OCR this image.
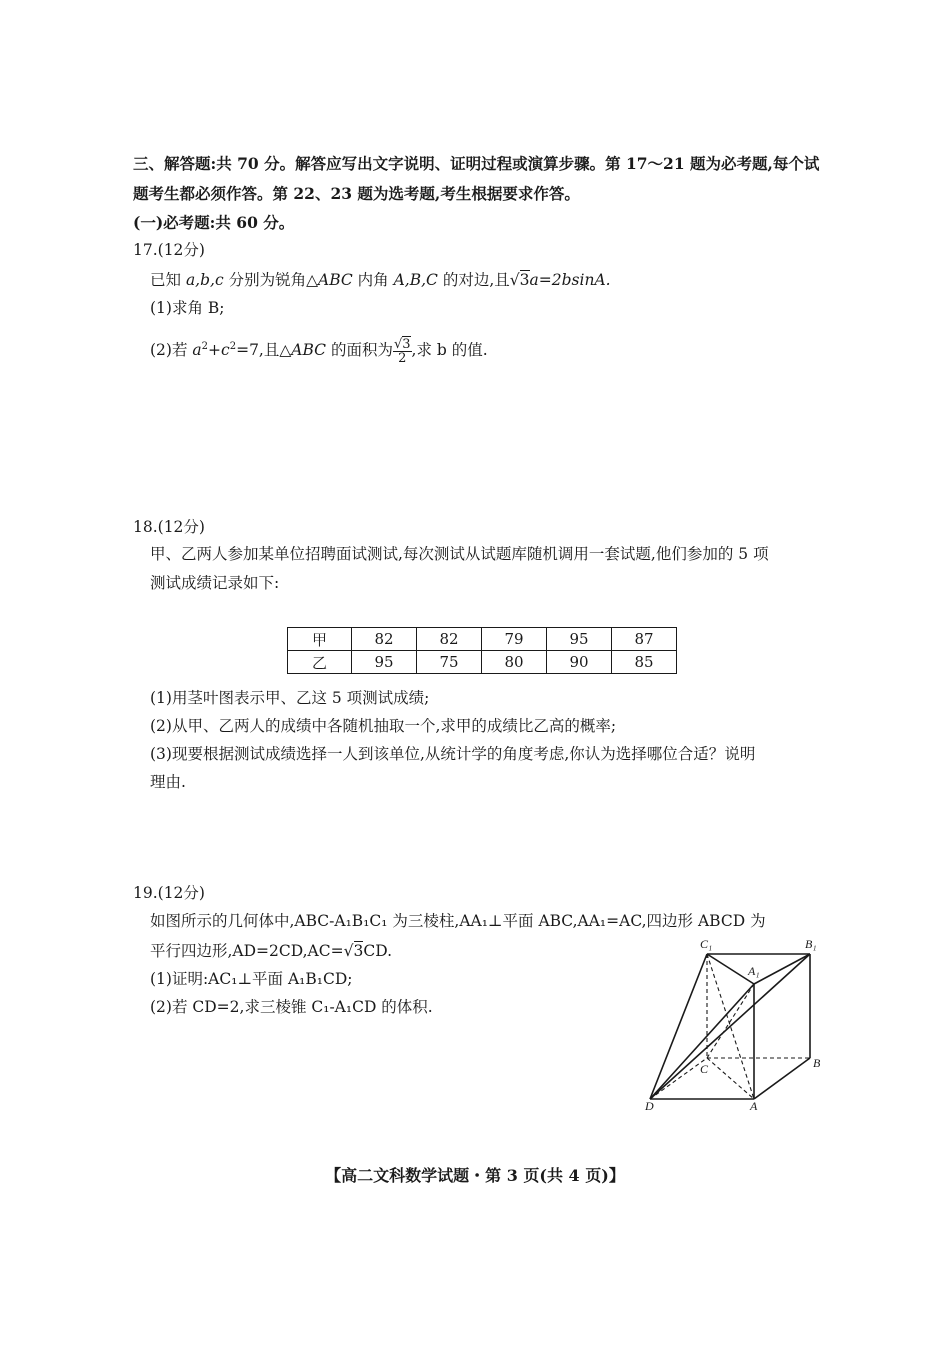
三、解答题:共 70 分。解答应写出文字说明、证明过程或演算步骤。第 17～21 题为必考题,每个试
题考生都必须作答。第 22、23 题为选考题,考生根据要求作答。
(一)必考题:共 60 分。
17.(12分)
已知 a,b,c 分别为锐角△ABC 内角 A,B,C 的对边,且√3a=2bsinA.
(1)求角 B;
(2)若 $a^2+c^2=7$,且△ABC 的面积为 $\frac{√3}{2}$ ,求 b 的值.
18.(12分)
甲、乙两人参加某单位招聘面试测试,每次测试从试题库随机调用一套试题,他们参加的 5 项
测试成绩记录如下:
甲	82	82	79	95	87
乙	95	75	80	90	85
(1)用茎叶图表示甲、乙这 5 项测试成绩;
(2)从甲、乙两人的成绩中各随机抽取一个,求甲的成绩比乙高的概率;
(3)现要根据测试成绩选择一人到该单位,从统计学的角度考虑,你认为选择哪位合适？说明
理由.
19.(12分)
如图所示的几何体中,ABC-A₁B₁C₁ 为三棱柱,AA₁⊥平面 ABC,AA₁=AC,四边形 ABCD 为
平行四边形,AD=2CD,AC=√3CD.
(1)证明:AC₁⊥平面 A₁B₁CD;
(2)若 CD=2,求三棱锥 C₁-A₁CD 的体积.
C₁	B₁
A₁
C	B
D	A
【高二文科数学试题・第 3 页(共 4 页)】
